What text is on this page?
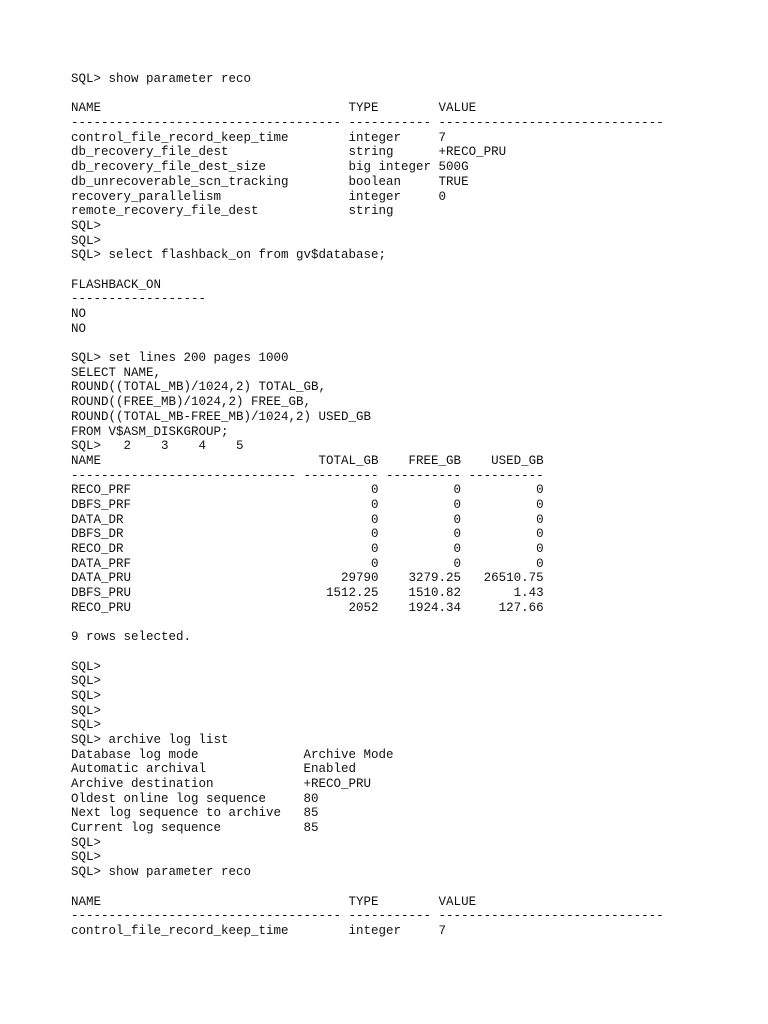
SQL> show parameter reco
NAME                                 TYPE        VALUE
------------------------------------ ----------- ------------------------------
control_file_record_keep_time        integer     7
db_recovery_file_dest                string      +RECO_PRU
db_recovery_file_dest_size           big integer 500G
db_unrecoverable_scn_tracking        boolean     TRUE
recovery_parallelism                 integer     0
remote_recovery_file_dest            string
SQL>
SQL>
SQL> select flashback_on from gv$database;
FLASHBACK_ON
------------------
NO
NO
SQL> set lines 200 pages 1000
SELECT NAME,
ROUND((TOTAL_MB)/1024,2) TOTAL_GB,
ROUND((FREE_MB)/1024,2) FREE_GB,
ROUND((TOTAL_MB-FREE_MB)/1024,2) USED_GB
FROM V$ASM_DISKGROUP;
SQL>   2    3    4    5
NAME                             TOTAL_GB    FREE_GB    USED_GB
------------------------------ ---------- ---------- ----------
RECO_PRF                                0          0          0
DBFS_PRF                                0          0          0
DATA_DR                                 0          0          0
DBFS_DR                                 0          0          0
RECO_DR                                 0          0          0
DATA_PRF                                0          0          0
DATA_PRU                            29790    3279.25   26510.75
DBFS_PRU                          1512.25    1510.82       1.43
RECO_PRU                             2052    1924.34     127.66
9 rows selected.
SQL>
SQL>
SQL>
SQL>
SQL>
SQL> archive log list
Database log mode              Archive Mode
Automatic archival             Enabled
Archive destination            +RECO_PRU
Oldest online log sequence     80
Next log sequence to archive   85
Current log sequence           85
SQL>
SQL>
SQL> show parameter reco
NAME                                 TYPE        VALUE
------------------------------------ ----------- ------------------------------
control_file_record_keep_time        integer     7
